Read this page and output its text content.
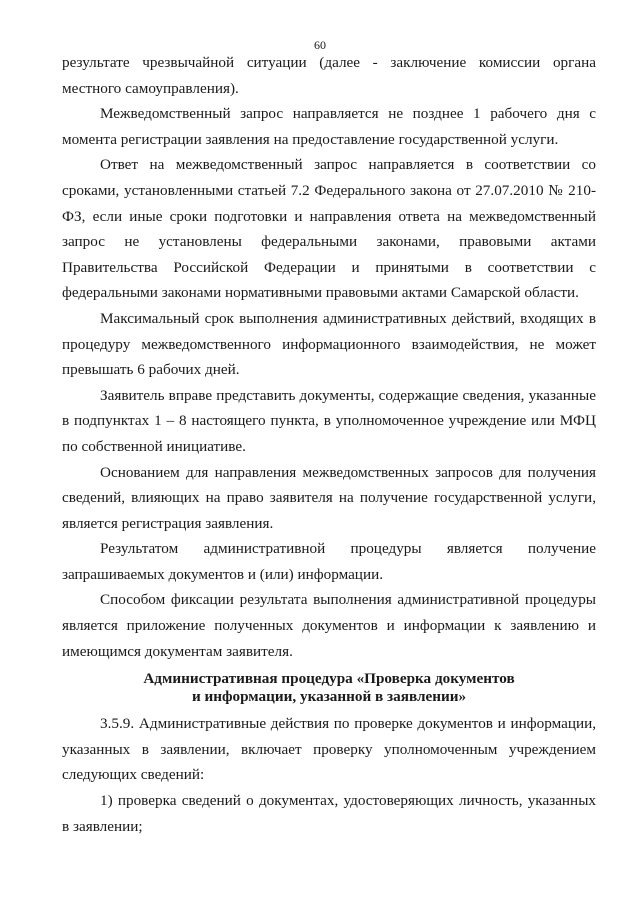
60

результате чрезвычайной ситуации (далее - заключение комиссии органа местного самоуправления).

Межведомственный запрос направляется не позднее 1 рабочего дня с момента регистрации заявления на предоставление государственной услуги.

Ответ на межведомственный запрос направляется в соответствии со сроками, установленными статьей 7.2 Федерального закона от 27.07.2010 № 210-ФЗ, если иные сроки подготовки и направления ответа на межведомственный запрос не установлены федеральными законами, правовыми актами Правительства Российской Федерации и принятыми в соответствии с федеральными законами нормативными правовыми актами Самарской области.

Максимальный срок выполнения административных действий, входящих в процедуру межведомственного информационного взаимодействия, не может превышать 6 рабочих дней.

Заявитель вправе представить документы, содержащие сведения, указанные в подпунктах 1 – 8 настоящего пункта, в уполномоченное учреждение или МФЦ по собственной инициативе.

Основанием для направления межведомственных запросов для получения сведений, влияющих на право заявителя на получение государственной услуги, является регистрация заявления.

Результатом административной процедуры является получение запрашиваемых документов и (или) информации.

Способом фиксации результата выполнения административной процедуры является приложение полученных документов и информации к заявлению и имеющимся документам заявителя.

Административная процедура «Проверка документов
и информации, указанной в заявлении»

3.5.9. Административные действия по проверке документов и информации, указанных в заявлении, включает проверку уполномоченным учреждением следующих сведений:

1) проверка сведений о документах, удостоверяющих личность, указанных в заявлении;
